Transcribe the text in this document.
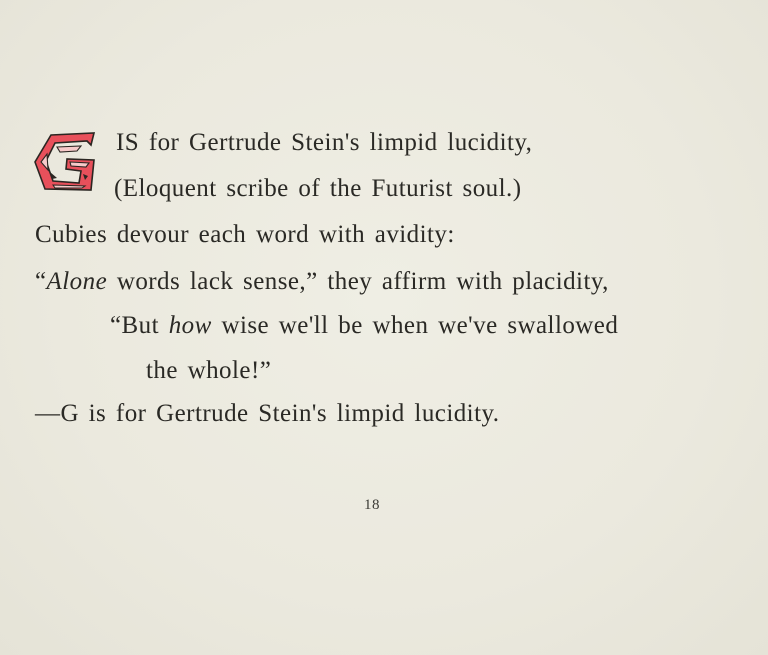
IS for Gertrude Stein's limpid lucidity,
(Eloquent scribe of the Futurist soul.)
Cubies devour each word with avidity:
“Alone words lack sense,” they affirm with placidity,
“But how wise we'll be when we've swallowed
the whole!”
—G is for Gertrude Stein's limpid lucidity.
18
